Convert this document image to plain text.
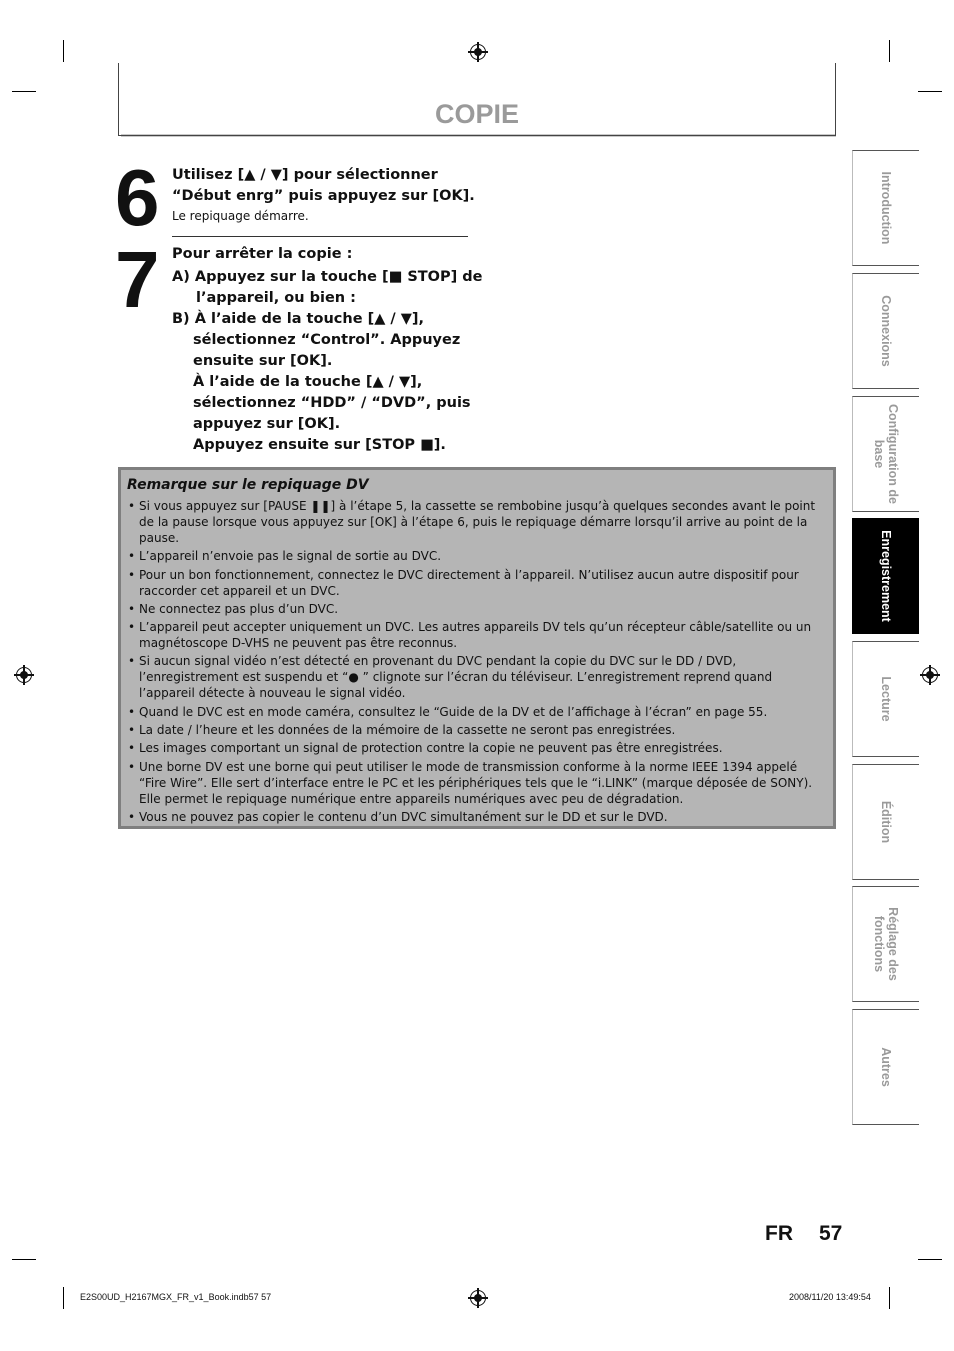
COPIE
6 Utilisez [▲ / ▼] pour sélectionner
“Début enrg” puis appuyez sur [OK].
Le repiquage démarre.
7 Pour arrêter la copie :
A) Appuyez sur la touche [■ STOP] de
l’appareil, ou bien :
B) À l’aide de la touche [▲ / ▼],
sélectionnez “Control”. Appuyez
ensuite sur [OK].
À l’aide de la touche [▲ / ▼],
sélectionnez “HDD” / “DVD”, puis
appuyez sur [OK].
Appuyez ensuite sur [STOP ■].
Remarque sur le repiquage DV
• Si vous appuyez sur [PAUSE ❚❚] à l’étape 5, la cassette se rembobine jusqu’à quelques secondes avant le point de la pause lorsque vous appuyez sur [OK] à l’étape 6, puis le repiquage démarre lorsqu’il arrive au point de la pause.
• L’appareil n’envoie pas le signal de sortie au DVC.
• Pour un bon fonctionnement, connectez le DVC directement à l’appareil. N’utilisez aucun autre dispositif pour raccorder cet appareil et un DVC.
• Ne connectez pas plus d’un DVC.
• L’appareil peut accepter uniquement un DVC. Les autres appareils DV tels qu’un récepteur câble/satellite ou un magnétoscope D-VHS ne peuvent pas être reconnus.
• Si aucun signal vidéo n’est détecté en provenant du DVC pendant la copie du DVC sur le DD / DVD, l’enregistrement est suspendu et “● ” clignote sur l’écran du téléviseur. L’enregistrement reprend quand l’appareil détecte à nouveau le signal vidéo.
• Quand le DVC est en mode caméra, consultez le “Guide de la DV et de l’affichage à l’écran” en page 55.
• La date / l’heure et les données de la mémoire de la cassette ne seront pas enregistrées.
• Les images comportant un signal de protection contre la copie ne peuvent pas être enregistrées.
• Une borne DV est une borne qui peut utiliser le mode de transmission conforme à la norme IEEE 1394 appelé “Fire Wire”. Elle sert d’interface entre le PC et les périphériques tels que le “i.LINK” (marque déposée de SONY). Elle permet le repiquage numérique entre appareils numériques avec peu de dégradation.
• Vous ne pouvez pas copier le contenu d’un DVC simultanément sur le DD et sur le DVD.
Introduction
Connexions
Configuration de
base
Enregistrement
Lecture
Édition
Réglage des
fonctions
Autres
FR 57
E2S00UD_H2167MGX_FR_v1_Book.indb57 57	2008/11/20 13:49:54
